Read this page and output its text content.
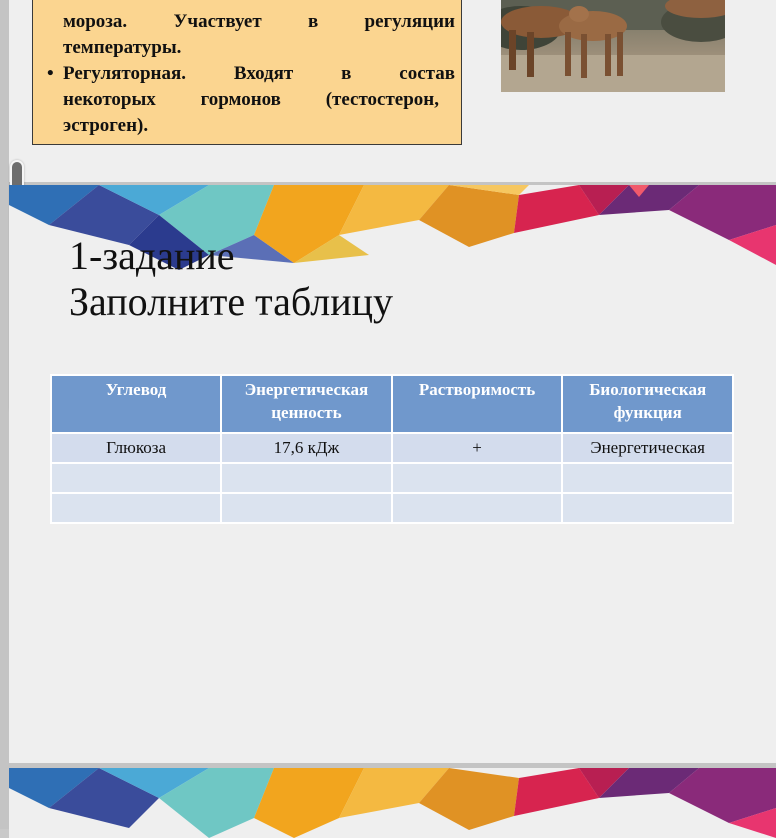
мороза. Участвует в регуляции
температуры.
• Регуляторная.	Входят	в	состав
некоторых гормонов (тестостерон,
эстроген).
1-задание
Заполните таблицу
Углевод	Энергетическая ценность	Растворимость	Биологическая функция
Глюкоза	17,6 кДж	+	Энергетическая
